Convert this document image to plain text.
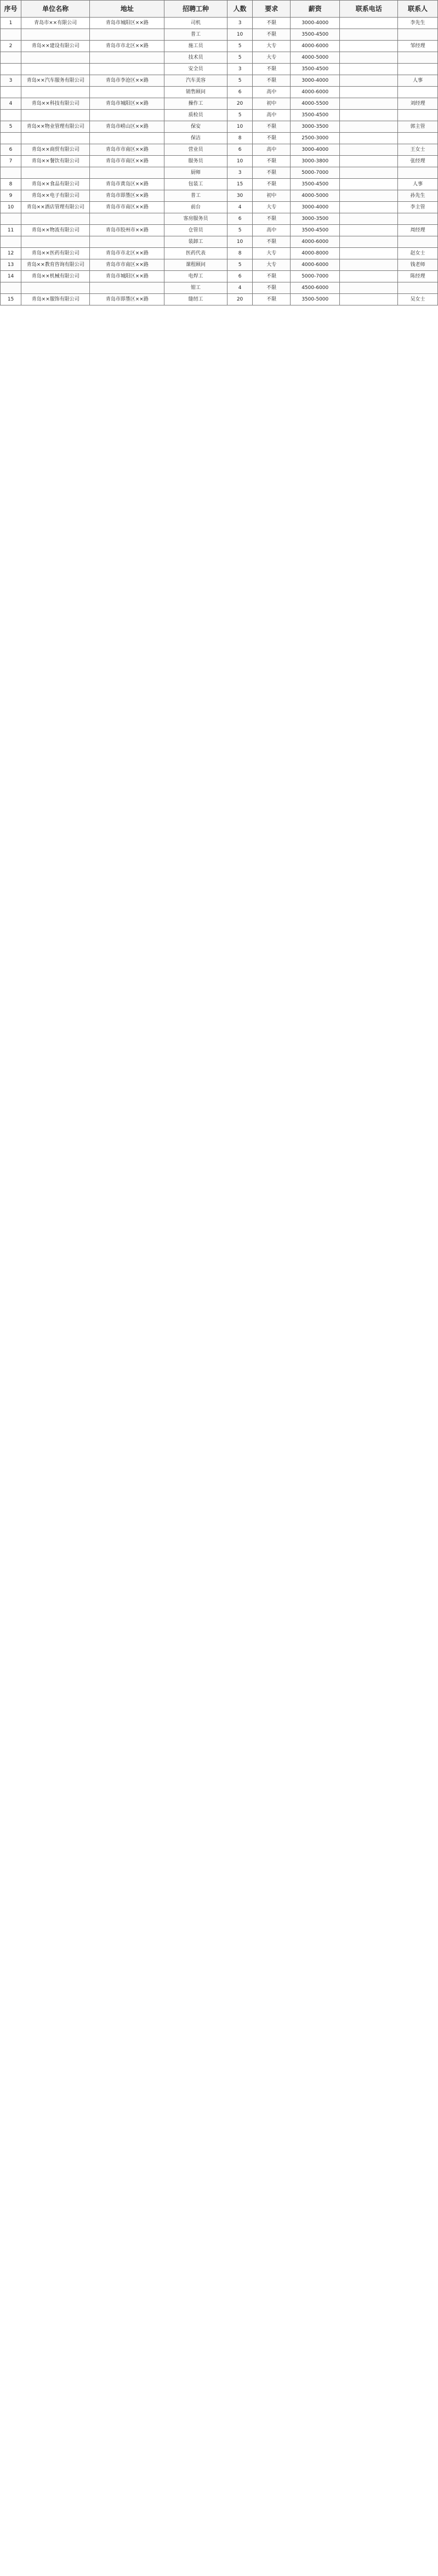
序号	单位名称	地址	招聘工种	人数	要求	薪资	联系电话	联系人
1	青岛市××有限公司	青岛市城阳区××路	司机	3	不限	3000-4000		李先生
			普工	10	不限	3500-4500		
2	青岛××建设有限公司	青岛市市北区××路	施工员	5	大专	4000-6000		邹经理
			技术员	5	大专	4000-5000		
			安全员	3	不限	3500-4500		
3	青岛××汽车服务有限公司	青岛市李沧区××路	汽车美容	5	不限	3000-4000		人事
			销售顾问	6	高中	4000-6000		
4	青岛××科技有限公司	青岛市城阳区××路	操作工	20	初中	4000-5500		刘经理
			质检员	5	高中	3500-4500		
5	青岛××物业管理有限公司	青岛市崂山区××路	保安	10	不限	3000-3500		郭主管
			保洁	8	不限	2500-3000		
6	青岛××商贸有限公司	青岛市市南区××路	营业员	6	高中	3000-4000		王女士
7	青岛××餐饮有限公司	青岛市市南区××路	服务员	10	不限	3000-3800		张经理
			厨师	3	不限	5000-7000		
8	青岛××食品有限公司	青岛市黄岛区××路	包装工	15	不限	3500-4500		人事
9	青岛××电子有限公司	青岛市即墨区××路	普工	30	初中	4000-5000		孙先生
10	青岛××酒店管理有限公司	青岛市市南区××路	前台	4	大专	3000-4000		李主管
			客房服务员	6	不限	3000-3500		
11	青岛××物流有限公司	青岛市胶州市××路	仓管员	5	高中	3500-4500		周经理
			装卸工	10	不限	4000-6000		
12	青岛××医药有限公司	青岛市市北区××路	医药代表	8	大专	4000-8000		赵女士
13	青岛××教育咨询有限公司	青岛市市南区××路	课程顾问	5	大专	4000-6000		钱老师
14	青岛××机械有限公司	青岛市城阳区××路	电焊工	6	不限	5000-7000		陈经理
			钳工	4	不限	4500-6000		
15	青岛××服饰有限公司	青岛市即墨区××路	缝纫工	20	不限	3500-5000		吴女士
